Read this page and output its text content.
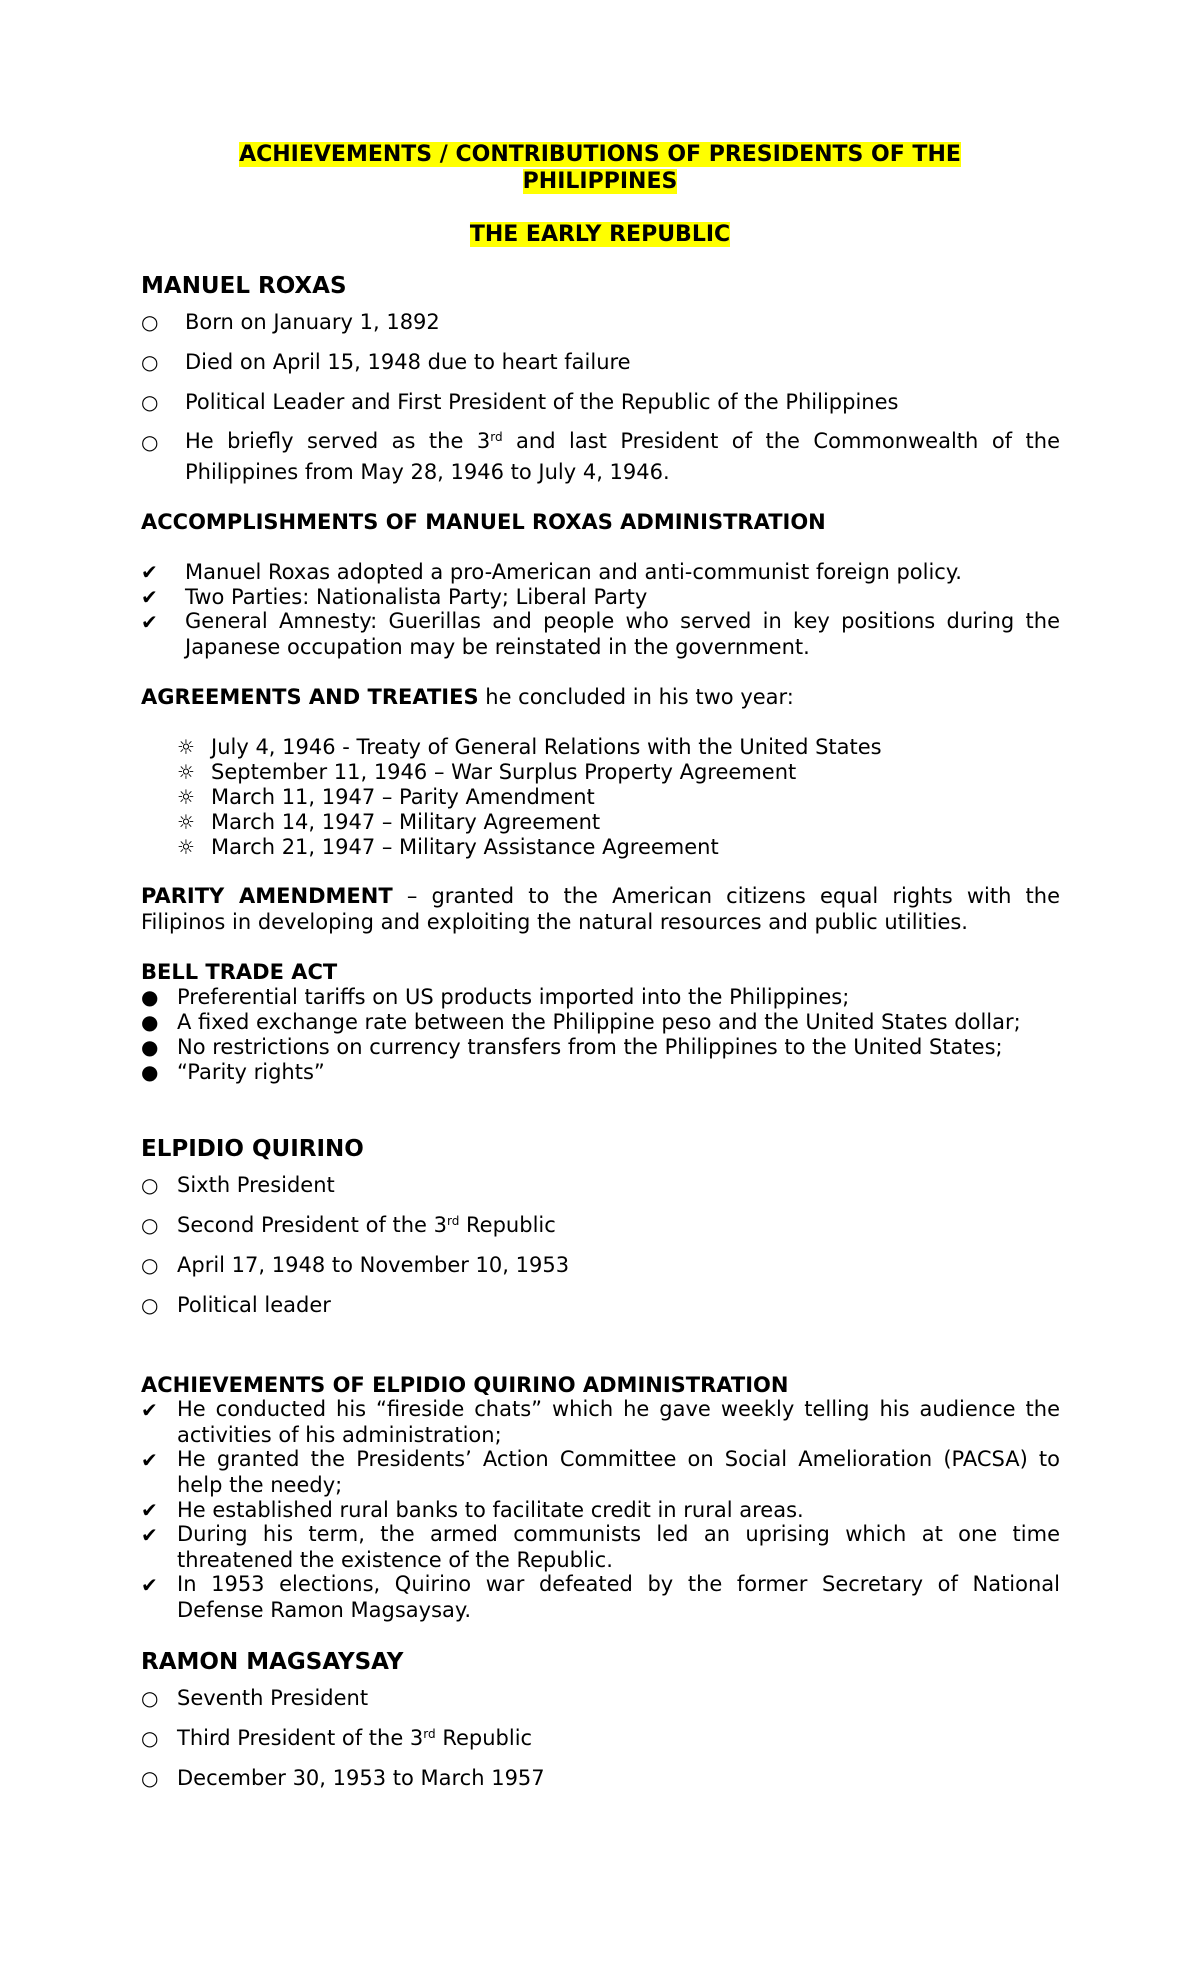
ACHIEVEMENTS / CONTRIBUTIONS OF PRESIDENTS OF THE
PHILIPPINES
THE EARLY REPUBLIC
MANUEL ROXAS
○ Born on January 1, 1892
○ Died on April 15, 1948 due to heart failure
○ Political Leader and First President of the Republic of the Philippines
○ He briefly served as the 3rd and last President of the Commonwealth of the
Philippines from May 28, 1946 to July 4, 1946.
ACCOMPLISHMENTS OF MANUEL ROXAS ADMINISTRATION
✔ Manuel Roxas adopted a pro-American and anti-communist foreign policy.
✔ Two Parties: Nationalista Party; Liberal Party
✔ General Amnesty: Guerillas and people who served in key positions during the
Japanese occupation may be reinstated in the government.
AGREEMENTS AND TREATIES he concluded in his two year:
☼ July 4, 1946 - Treaty of General Relations with the United States
☼ September 11, 1946 – War Surplus Property Agreement
☼ March 11, 1947 – Parity Amendment
☼ March 14, 1947 – Military Agreement
☼ March 21, 1947 – Military Assistance Agreement
PARITY AMENDMENT – granted to the American citizens equal rights with the
Filipinos in developing and exploiting the natural resources and public utilities.
BELL TRADE ACT
● Preferential tariffs on US products imported into the Philippines;
● A fixed exchange rate between the Philippine peso and the United States dollar;
● No restrictions on currency transfers from the Philippines to the United States;
● “Parity rights”
ELPIDIO QUIRINO
○ Sixth President
○ Second President of the 3rd Republic
○ April 17, 1948 to November 10, 1953
○ Political leader
ACHIEVEMENTS OF ELPIDIO QUIRINO ADMINISTRATION
✔ He conducted his “fireside chats” which he gave weekly telling his audience the
activities of his administration;
✔ He granted the Presidents’ Action Committee on Social Amelioration (PACSA) to
help the needy;
✔ He established rural banks to facilitate credit in rural areas.
✔ During his term, the armed communists led an uprising which at one time
threatened the existence of the Republic.
✔ In 1953 elections, Quirino war defeated by the former Secretary of National
Defense Ramon Magsaysay.
RAMON MAGSAYSAY
○ Seventh President
○ Third President of the 3rd Republic
○ December 30, 1953 to March 1957
